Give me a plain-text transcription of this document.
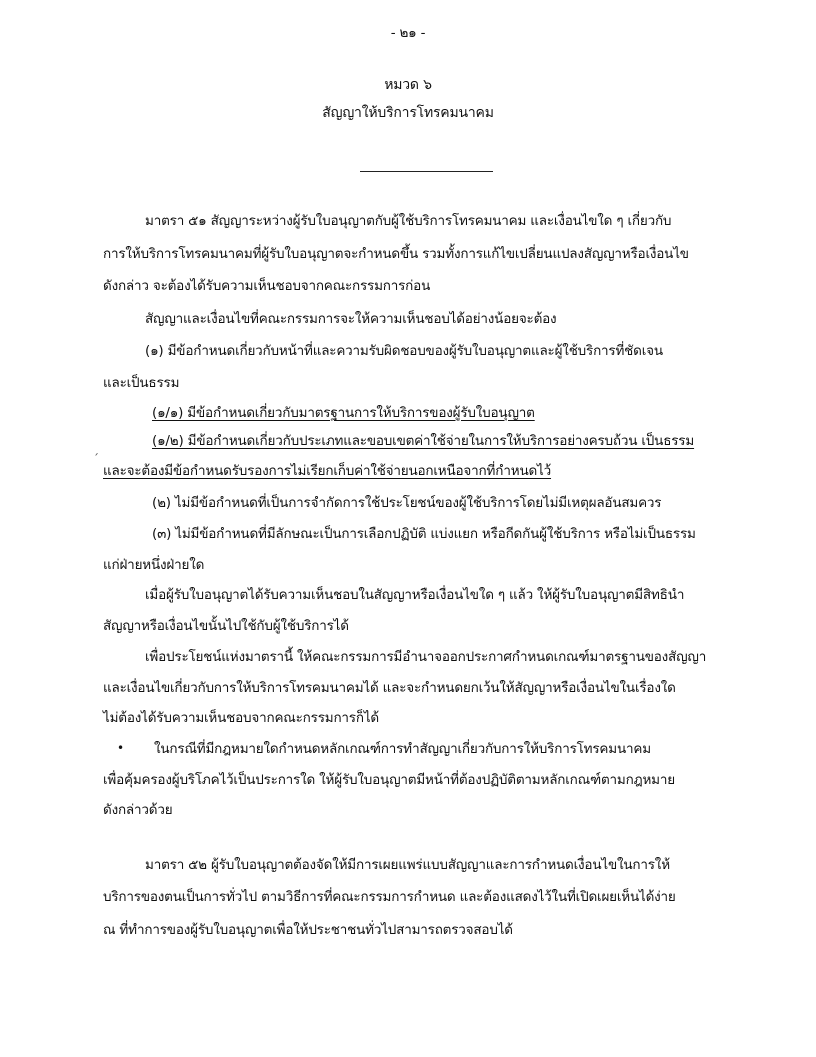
- ๒๑ -
หมวด ๖
สัญญาให้บริการโทรคมนาคม
มาตรา ๕๑ สัญญาระหว่างผู้รับใบอนุญาตกับผู้ใช้บริการโทรคมนาคม และเงื่อนไขใด ๆ เกี่ยวกับ
การให้บริการโทรคมนาคมที่ผู้รับใบอนุญาตจะกำหนดขึ้น รวมทั้งการแก้ไขเปลี่ยนแปลงสัญญาหรือเงื่อนไข
ดังกล่าว จะต้องได้รับความเห็นชอบจากคณะกรรมการก่อน
สัญญาและเงื่อนไขที่คณะกรรมการจะให้ความเห็นชอบได้อย่างน้อยจะต้อง
(๑) มีข้อกำหนดเกี่ยวกับหน้าที่และความรับผิดชอบของผู้รับใบอนุญาตและผู้ใช้บริการที่ชัดเจน
และเป็นธรรม
(๑/๑) มีข้อกำหนดเกี่ยวกับมาตรฐานการให้บริการของผู้รับใบอนุญาต
(๑/๒) มีข้อกำหนดเกี่ยวกับประเภทและขอบเขตค่าใช้จ่ายในการให้บริการอย่างครบถ้วน เป็นธรรม
ˊ
และจะต้องมีข้อกำหนดรับรองการไม่เรียกเก็บค่าใช้จ่ายนอกเหนือจากที่กำหนดไว้
(๒) ไม่มีข้อกำหนดที่เป็นการจำกัดการใช้ประโยชน์ของผู้ใช้บริการโดยไม่มีเหตุผลอันสมควร
(๓) ไม่มีข้อกำหนดที่มีลักษณะเป็นการเลือกปฏิบัติ แบ่งแยก หรือกีดกันผู้ใช้บริการ หรือไม่เป็นธรรม
แก่ฝ่ายหนึ่งฝ่ายใด
เมื่อผู้รับใบอนุญาตได้รับความเห็นชอบในสัญญาหรือเงื่อนไขใด ๆ แล้ว ให้ผู้รับใบอนุญาตมีสิทธินำ
สัญญาหรือเงื่อนไขนั้นไปใช้กับผู้ใช้บริการได้
เพื่อประโยชน์แห่งมาตรานี้ ให้คณะกรรมการมีอำนาจออกประกาศกำหนดเกณฑ์มาตรฐานของสัญญา
และเงื่อนไขเกี่ยวกับการให้บริการโทรคมนาคมได้ และจะกำหนดยกเว้นให้สัญญาหรือเงื่อนไขในเรื่องใด
ไม่ต้องได้รับความเห็นชอบจากคณะกรรมการก็ได้
• ในกรณีที่มีกฎหมายใดกำหนดหลักเกณฑ์การทำสัญญาเกี่ยวกับการให้บริการโทรคมนาคม
เพื่อคุ้มครองผู้บริโภคไว้เป็นประการใด ให้ผู้รับใบอนุญาตมีหน้าที่ต้องปฏิบัติตามหลักเกณฑ์ตามกฎหมาย
ดังกล่าวด้วย
มาตรา ๕๒ ผู้รับใบอนุญาตต้องจัดให้มีการเผยแพร่แบบสัญญาและการกำหนดเงื่อนไขในการให้
บริการของตนเป็นการทั่วไป ตามวิธีการที่คณะกรรมการกำหนด และต้องแสดงไว้ในที่เปิดเผยเห็นได้ง่าย
ณ ที่ทำการของผู้รับใบอนุญาตเพื่อให้ประชาชนทั่วไปสามารถตรวจสอบได้
